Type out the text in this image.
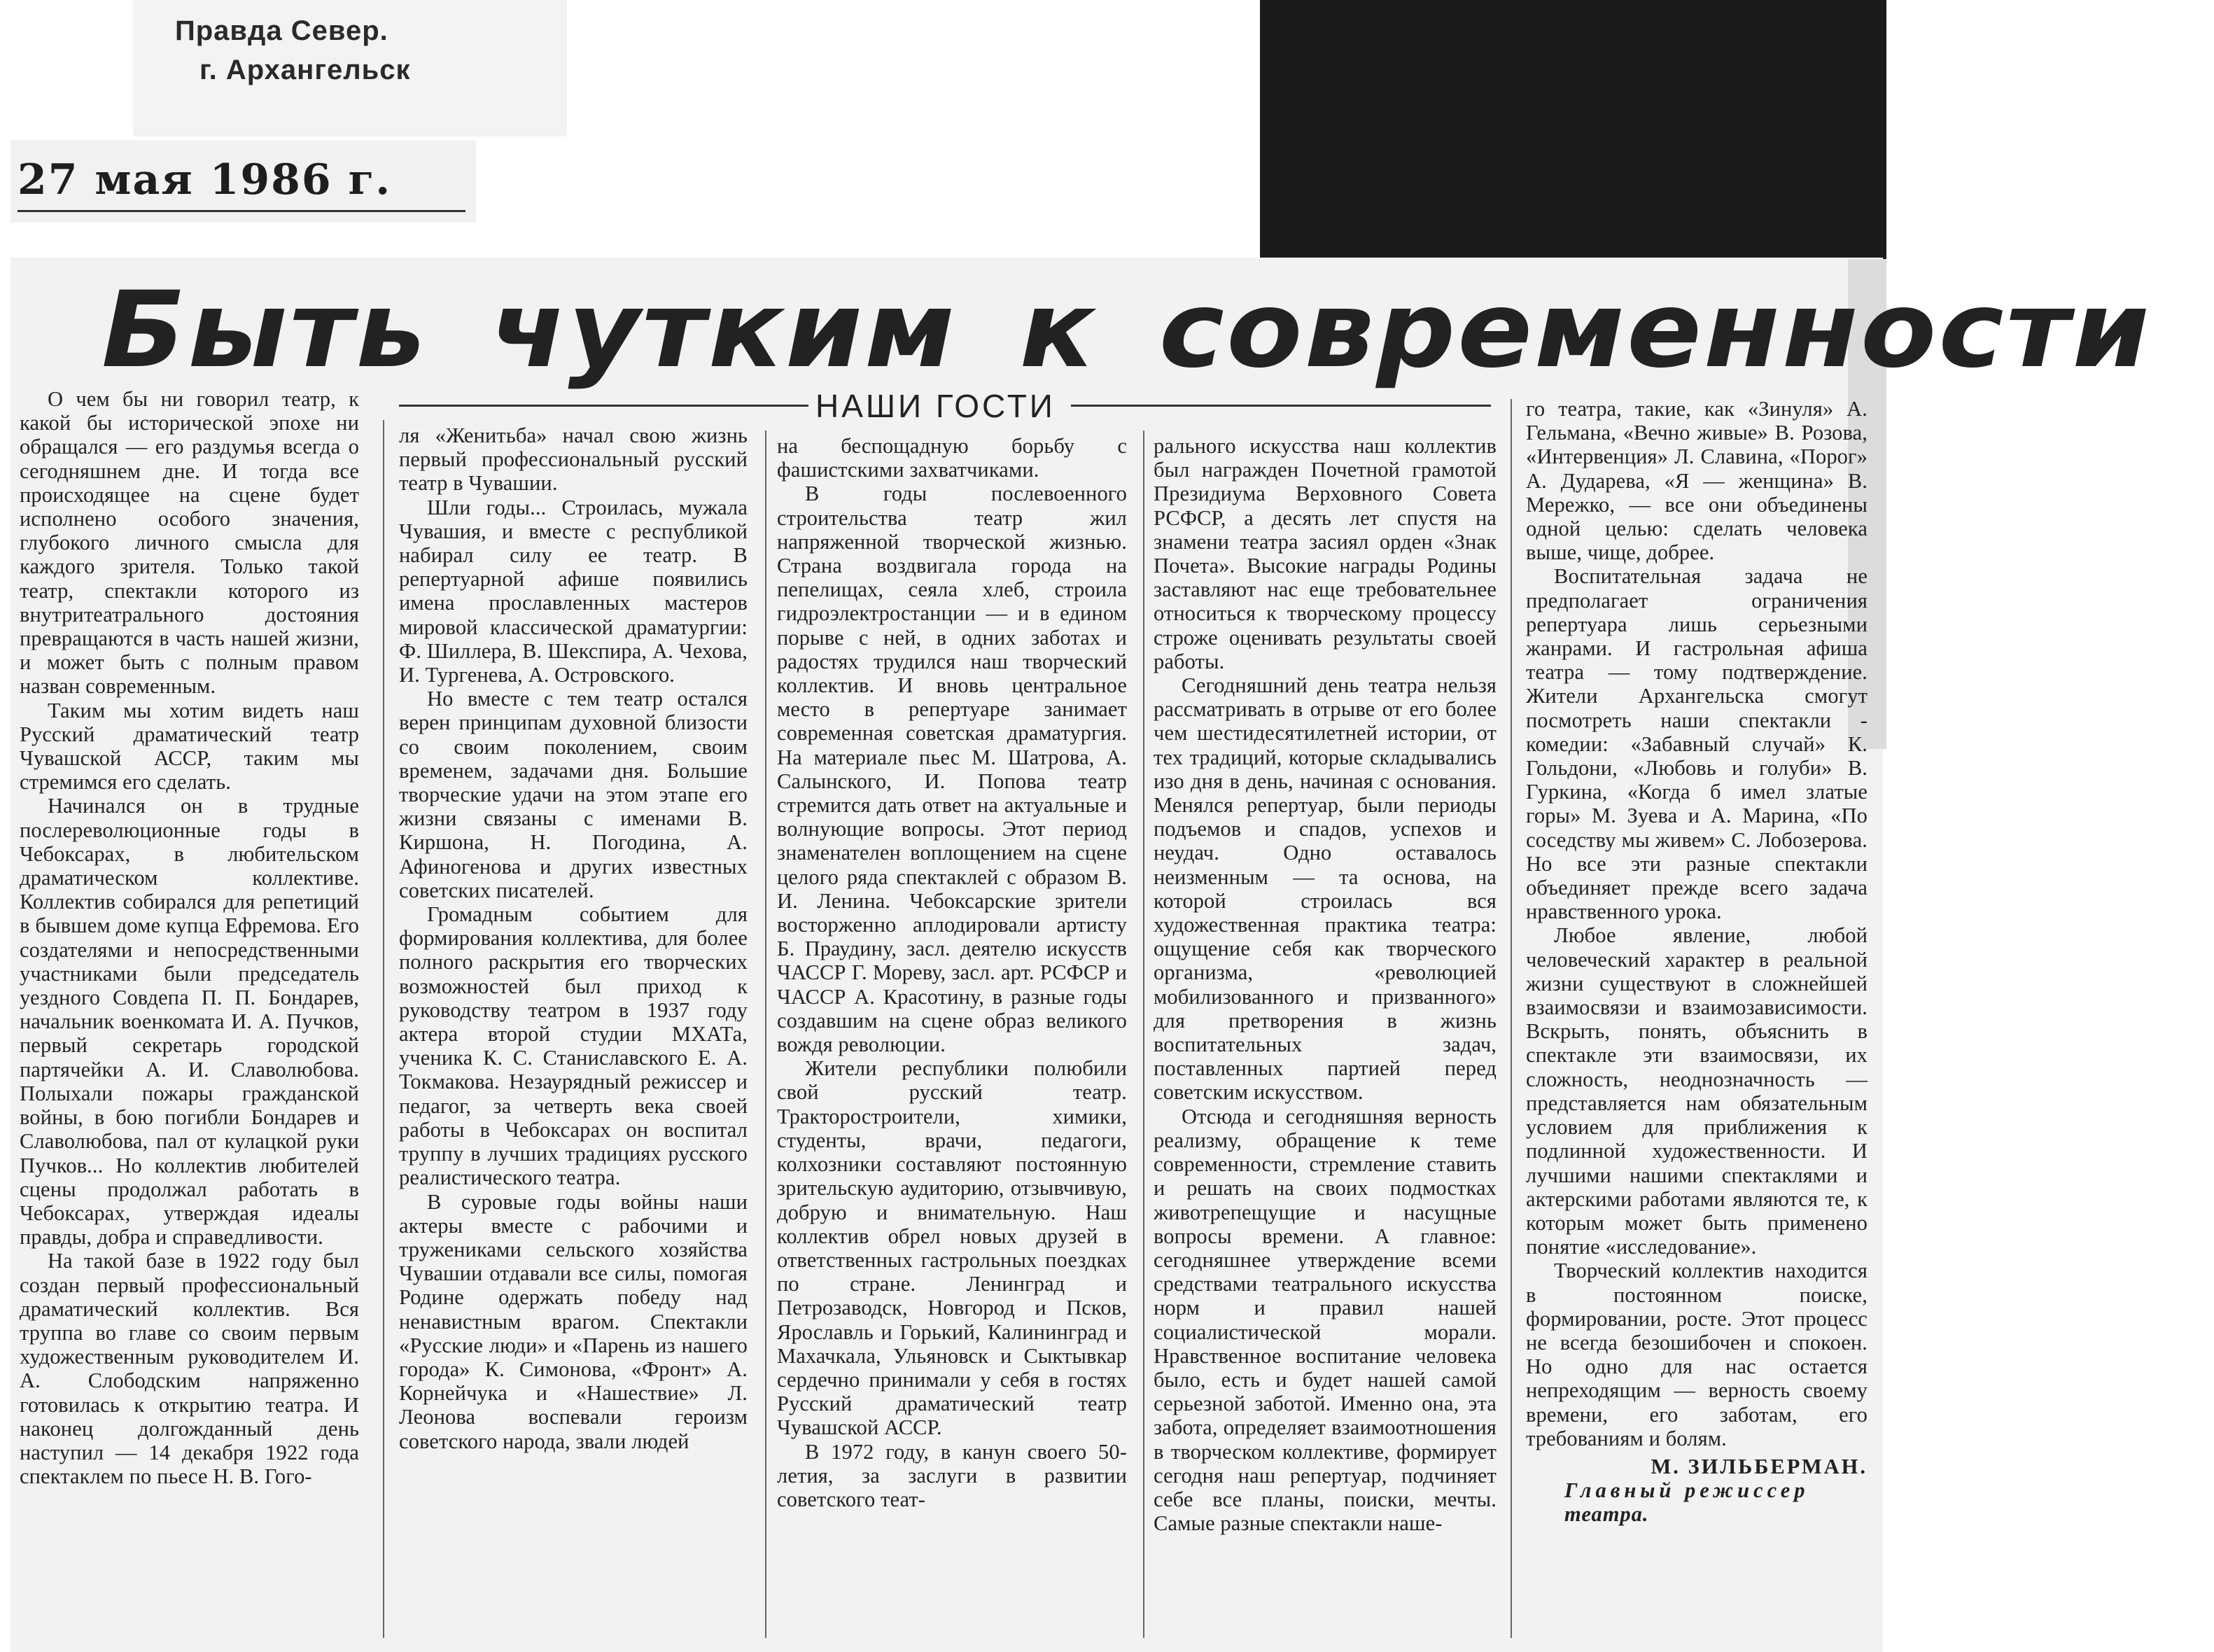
Правда Север.
г. Архангельск
27 мая 1986 г.
Быть чутким к современности
НАШИ ГОСТИ

О чем бы ни говорил театр, к какой бы исторической эпохе ни обращался — его раздумья всегда о сегодняшнем дне. И тогда все происходящее на сцене будет исполнено особого значения, глубокого личного смысла для каждого зрителя. Только такой театр, спектакли которого из внутритеатрального достояния превращаются в часть нашей жизни, и может быть с полным правом назван современным.

Таким мы хотим видеть наш Русский драматический театр Чувашской АССР, таким мы стремимся его сделать.

Начинался он в трудные послереволюционные годы в Чебоксарах, в любительском драматическом коллективе. Коллектив собирался для репетиций в бывшем доме купца Ефремова. Его создателями и непосредственными участниками были председатель уездного Совдепа П. П. Бондарев, начальник военкомата И. А. Пучков, первый секретарь городской партячейки А. И. Славолюбова. Полыхали пожары гражданской войны, в бою погибли Бондарев и Славолюбова, пал от кулацкой руки Пучков... Но коллектив любителей сцены продолжал работать в Чебоксарах, утверждая идеалы правды, добра и справедливости.

На такой базе в 1922 году был создан первый профессиональный драматический коллектив. Вся труппа во главе со своим первым художественным руководителем И. А. Слободским напряженно готовилась к открытию театра. И наконец долгожданный день наступил — 14 декабря 1922 года спектаклем по пьесе Н. В. Гого-

ля «Женитьба» начал свою жизнь первый профессиональный русский театр в Чувашии.

Шли годы... Строилась, мужала Чувашия, и вместе с республикой набирал силу ее театр. В репертуарной афише появились имена прославленных мастеров мировой классической драматургии: Ф. Шиллера, В. Шекспира, А. Чехова, И. Тургенева, А. Островского.

Но вместе с тем театр остался верен принципам духовной близости со своим поколением, своим временем, задачами дня. Большие творческие удачи на этом этапе его жизни связаны с именами В. Киршона, Н. Погодина, А. Афиногенова и других известных советских писателей.

Громадным событием для формирования коллектива, для более полного раскрытия его творческих возможностей был приход к руководству театром в 1937 году актера второй студии МХАТа, ученика К. С. Станиславского Е. А. Токмакова. Незаурядный режиссер и педагог, за четверть века своей работы в Чебоксарах он воспитал труппу в лучших традициях русского реалистического театра.

В суровые годы войны наши актеры вместе с рабочими и тружениками сельского хозяйства Чувашии отдавали все силы, помогая Родине одержать победу над ненавистным врагом. Спектакли «Русские люди» и «Парень из нашего города» К. Симонова, «Фронт» А. Корнейчука и «Нашествие» Л. Леонова воспевали героизм советского народа, звали людей

на беспощадную борьбу с фашистскими захватчиками.

В годы послевоенного строительства театр жил напряженной творческой жизнью. Страна воздвигала города на пепелищах, сеяла хлеб, строила гидроэлектростанции — и в едином порыве с ней, в одних заботах и радостях трудился наш творческий коллектив. И вновь центральное место в репертуаре занимает современная советская драматургия. На материале пьес М. Шатрова, А. Салынского, И. Попова театр стремится дать ответ на актуальные и волнующие вопросы. Этот период знаменателен воплощением на сцене целого ряда спектаклей с образом В. И. Ленина. Чебоксарские зрители восторженно аплодировали артисту Б. Праудину, засл. деятелю искусств ЧАССР Г. Мореву, засл. арт. РСФСР и ЧАССР А. Красотину, в разные годы создавшим на сцене образ великого вождя революции.

Жители республики полюбили свой русский театр. Тракторостроители, химики, студенты, врачи, педагоги, колхозники составляют постоянную зрительскую аудиторию, отзывчивую, добрую и внимательную. Наш коллектив обрел новых друзей в ответственных гастрольных поездках по стране. Ленинград и Петрозаводск, Новгород и Псков, Ярославль и Горький, Калининград и Махачкала, Ульяновск и Сыктывкар сердечно принимали у себя в гостях Русский драматический театр Чувашской АССР.

В 1972 году, в канун своего 50-летия, за заслуги в развитии советского теат-

рального искусства наш коллектив был награжден Почетной грамотой Президиума Верховного Совета РСФСР, а десять лет спустя на знамени театра засиял орден «Знак Почета». Высокие награды Родины заставляют нас еще требовательнее относиться к творческому процессу строже оценивать результаты своей работы.

Сегодняшний день театра нельзя рассматривать в отрыве от его более чем шестидесятилетней истории, от тех традиций, которые складывались изо дня в день, начиная с основания. Менялся репертуар, были периоды подъемов и спадов, успехов и неудач. Одно оставалось неизменным — та основа, на которой строилась вся художественная практика театра: ощущение себя как творческого организма, «революцией мобилизованного и призванного» для претворения в жизнь воспитательных задач, поставленных партией перед советским искусством.

Отсюда и сегодняшняя верность реализму, обращение к теме современности, стремление ставить и решать на своих подмостках животрепещущие и насущные вопросы времени. А главное: сегодняшнее утверждение всеми средствами театрального искусства норм и правил нашей социалистической морали. Нравственное воспитание человека было, есть и будет нашей самой серьезной заботой. Именно она, эта забота, определяет взаимоотношения в творческом коллективе, формирует сегодня наш репертуар, подчиняет себе все планы, поиски, мечты. Самые разные спектакли наше-

го театра, такие, как «Зинуля» А. Гельмана, «Вечно живые» В. Розова, «Интервенция» Л. Славина, «Порог» А. Дударева, «Я — женщина» В. Мережко, — все они объединены одной целью: сделать человека выше, чище, добрее.

Воспитательная задача не предполагает ограничения репертуара лишь серьезными жанрами. И гастрольная афиша театра — тому подтверждение. Жители Архангельска смогут посмотреть наши спектакли - комедии: «Забавный случай» К. Гольдони, «Любовь и голуби» В. Гуркина, «Когда б имел златые горы» М. Зуева и А. Марина, «По соседству мы живем» С. Лобозерова. Но все эти разные спектакли объединяет прежде всего задача нравственного урока.

Любое явление, любой человеческий характер в реальной жизни существуют в сложнейшей взаимосвязи и взаимозависимости. Вскрыть, понять, объяснить в спектакле эти взаимосвязи, их сложность, неоднозначность — представляется нам обязательным условием для приближения к подлинной художественности. И лучшими нашими спектаклями и актерскими работами являются те, к которым может быть применено понятие «исследование».

Творческий коллектив находится в постоянном поиске, формировании, росте. Этот процесс не всегда безошибочен и спокоен. Но одно для нас остается непреходящим — верность своему времени, его заботам, его требованиям и болям.

М. ЗИЛЬБЕРМАН.
Главный режиссер
театра.
